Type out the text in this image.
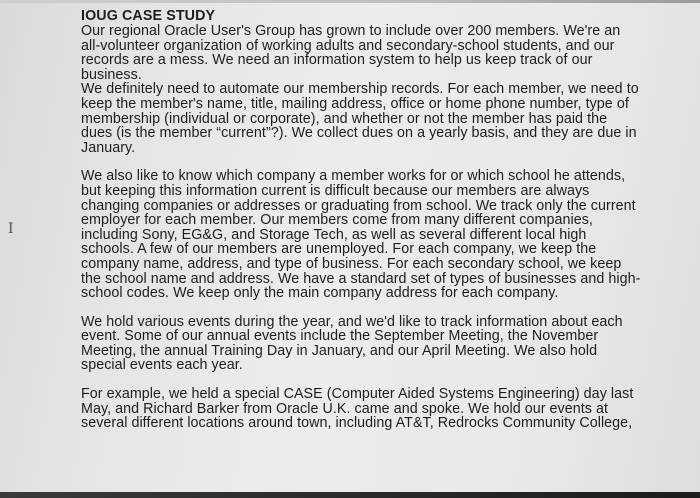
I
IOUG CASE STUDY

Our regional Oracle User's Group has grown to include over 200 members. We're an all-volunteer organization of working adults and secondary-school students, and our records are a mess. We need an information system to help us keep track of our business.

We definitely need to automate our membership records. For each member, we need to keep the member's name, title, mailing address, office or home phone number, type of membership (individual or corporate), and whether or not the member has paid the dues (is the member “current”?). We collect dues on a yearly basis, and they are due in January.

We also like to know which company a member works for or which school he attends, but keeping this information current is difficult because our members are always changing companies or addresses or graduating from school. We track only the current employer for each member. Our members come from many different companies, including Sony, EG&G, and Storage Tech, as well as several different local high schools. A few of our members are unemployed. For each company, we keep the company name, address, and type of business. For each secondary school, we keep the school name and address. We have a standard set of types of businesses and high-school codes. We keep only the main company address for each company.

We hold various events during the year, and we'd like to track information about each event. Some of our annual events include the September Meeting, the November Meeting, the annual Training Day in January, and our April Meeting. We also hold special events each year.

For example, we held a special CASE (Computer Aided Systems Engineering) day last May, and Richard Barker from Oracle U.K. came and spoke. We hold our events at several different locations around town, including AT&T, Redrocks Community College,
